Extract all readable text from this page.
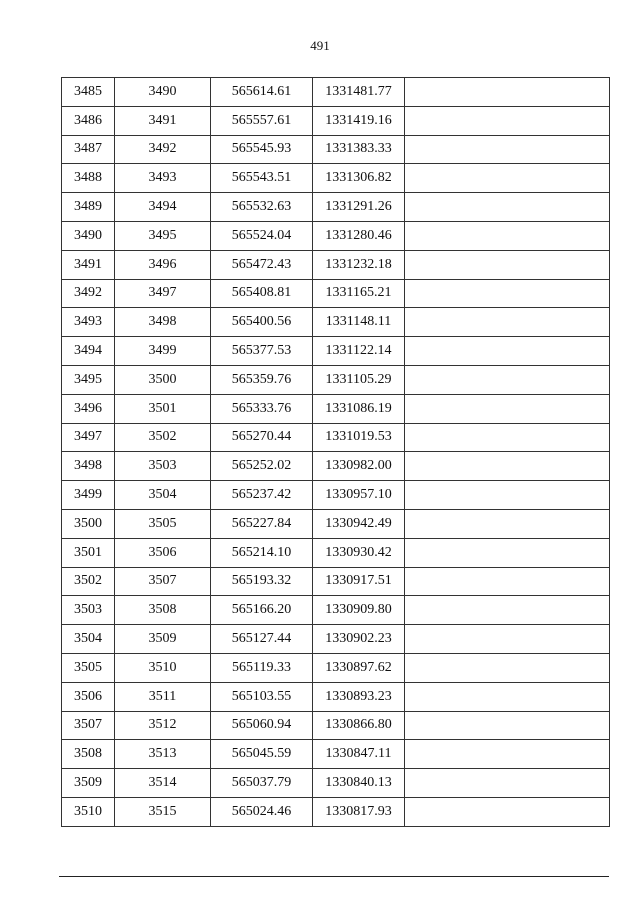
491
3485	3490	565614.61	1331481.77	
3486	3491	565557.61	1331419.16	
3487	3492	565545.93	1331383.33	
3488	3493	565543.51	1331306.82	
3489	3494	565532.63	1331291.26	
3490	3495	565524.04	1331280.46	
3491	3496	565472.43	1331232.18	
3492	3497	565408.81	1331165.21	
3493	3498	565400.56	1331148.11	
3494	3499	565377.53	1331122.14	
3495	3500	565359.76	1331105.29	
3496	3501	565333.76	1331086.19	
3497	3502	565270.44	1331019.53	
3498	3503	565252.02	1330982.00	
3499	3504	565237.42	1330957.10	
3500	3505	565227.84	1330942.49	
3501	3506	565214.10	1330930.42	
3502	3507	565193.32	1330917.51	
3503	3508	565166.20	1330909.80	
3504	3509	565127.44	1330902.23	
3505	3510	565119.33	1330897.62	
3506	3511	565103.55	1330893.23	
3507	3512	565060.94	1330866.80	
3508	3513	565045.59	1330847.11	
3509	3514	565037.79	1330840.13	
3510	3515	565024.46	1330817.93	
